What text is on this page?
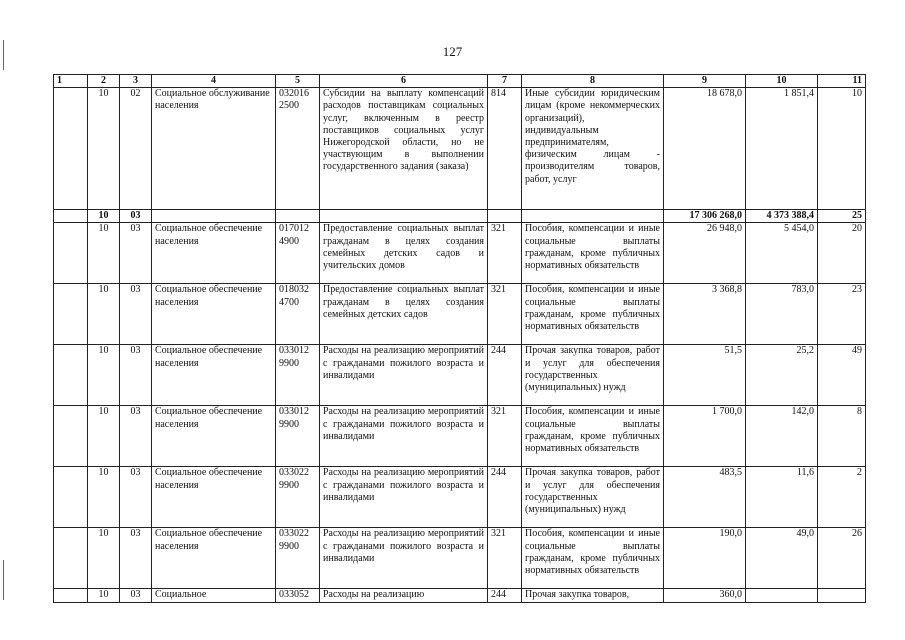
127
1	2	3	4	5	6	7	8	9	10	11
	10	02	Социальное обслуживание населения	032016 2500	Субсидии на выплату компенсаций расходов поставщикам социальных услуг, включенным в реестр поставщиков социальных услуг Нижегородской области, но не участвующим в выполнении государственного задания (заказа)	814	Иные субсидии юридическим лицам (кроме некоммерческих организаций), индивидуальным предпринимателям, физическим лицам - производителям товаров, работ, услуг	18 678,0	1 851,4	10
	10	03						17 306 268,0	4 373 388,4	25
	10	03	Социальное обеспечение населения	017012 4900	Предоставление социальных выплат гражданам в целях создания семейных детских садов и учительских домов	321	Пособия, компенсации и иные социальные выплаты гражданам, кроме публичных нормативных обязательств	26 948,0	5 454,0	20
	10	03	Социальное обеспечение населения	018032 4700	Предоставление социальных выплат гражданам в целях создания семейных детских садов	321	Пособия, компенсации и иные социальные выплаты гражданам, кроме публичных нормативных обязательств	3 368,8	783,0	23
	10	03	Социальное обеспечение населения	033012 9900	Расходы на реализацию мероприятий с гражданами пожилого возраста и инвалидами	244	Прочая закупка товаров, работ и услуг для обеспечения государственных (муниципальных) нужд	51,5	25,2	49
	10	03	Социальное обеспечение населения	033012 9900	Расходы на реализацию мероприятий с гражданами пожилого возраста и инвалидами	321	Пособия, компенсации и иные социальные выплаты гражданам, кроме публичных нормативных обязательств	1 700,0	142,0	8
	10	03	Социальное обеспечение населения	033022 9900	Расходы на реализацию мероприятий с гражданами пожилого возраста и инвалидами	244	Прочая закупка товаров, работ и услуг для обеспечения государственных (муниципальных) нужд	483,5	11,6	2
	10	03	Социальное обеспечение населения	033022 9900	Расходы на реализацию мероприятий с гражданами пожилого возраста и инвалидами	321	Пособия, компенсации и иные социальные выплаты гражданам, кроме публичных нормативных обязательств	190,0	49,0	26
	10	03	Социальное	033052	Расходы на реализацию	244	Прочая закупка товаров,	360,0		
